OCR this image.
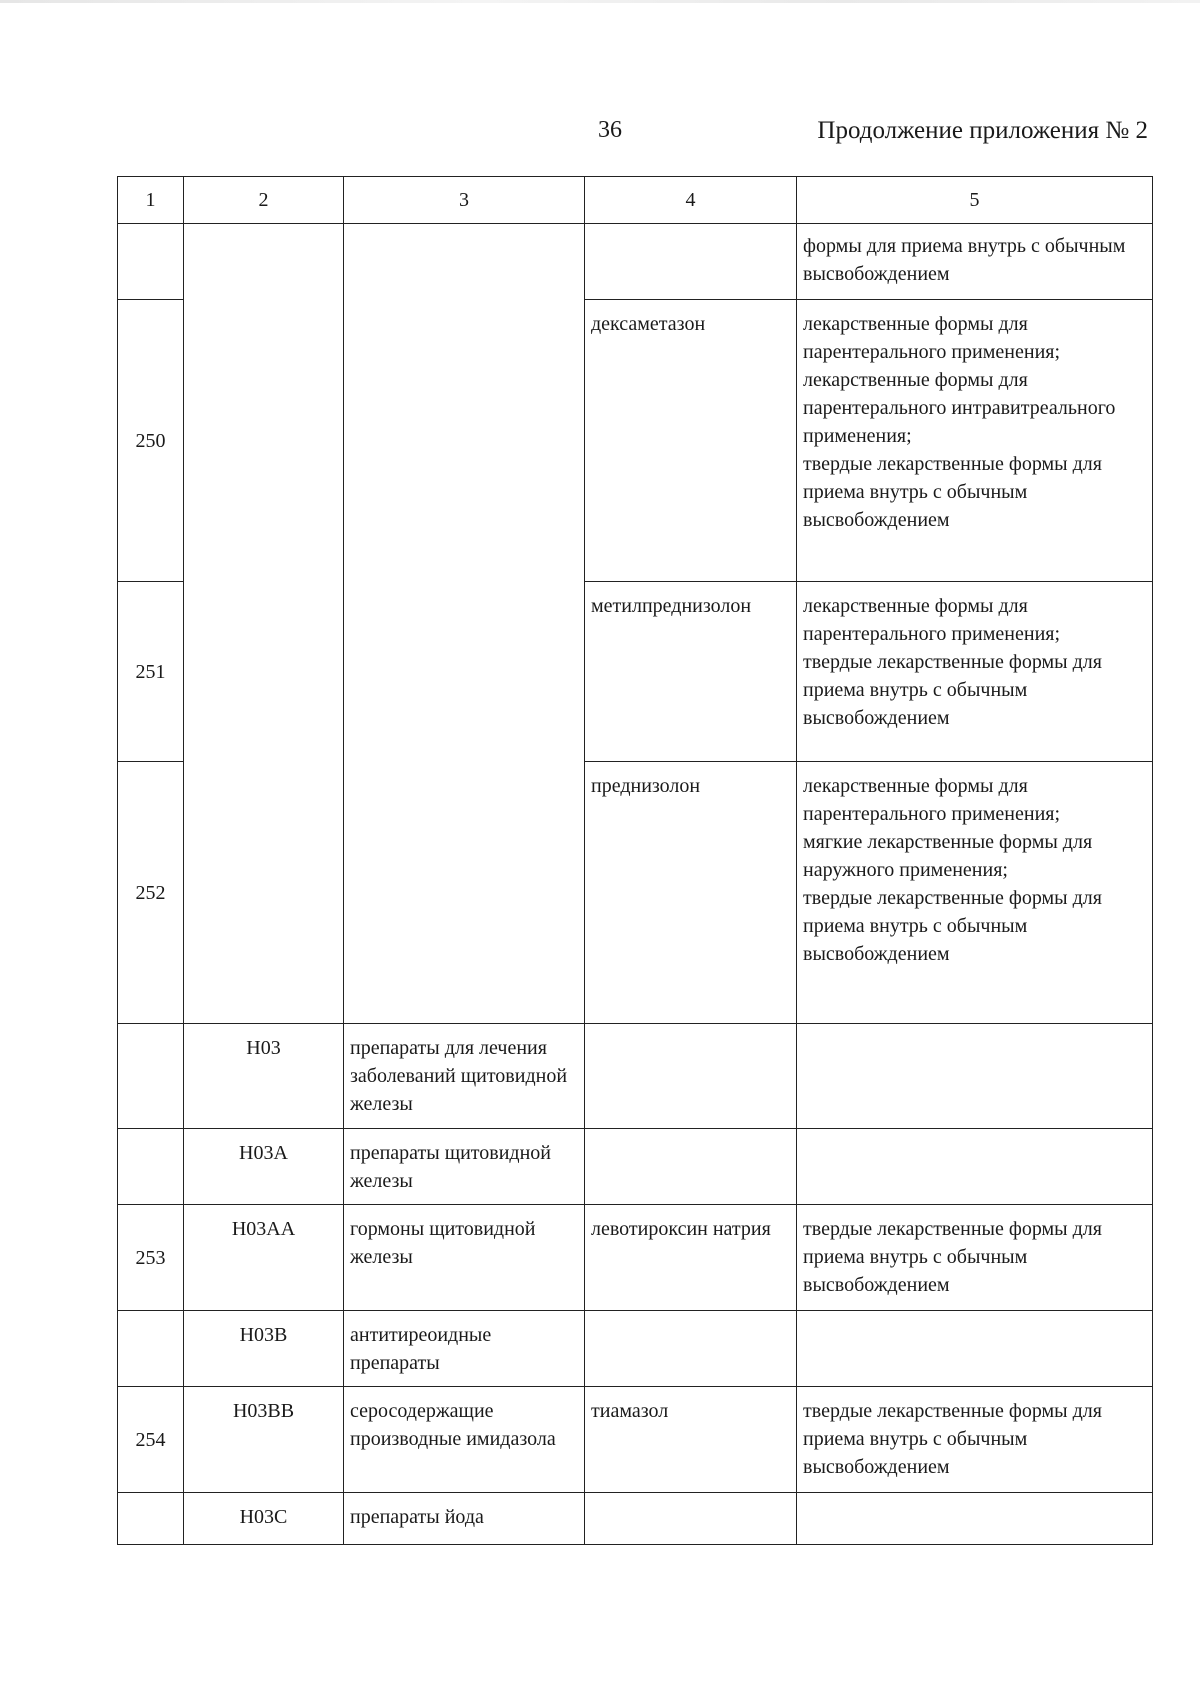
36	Продолжение приложения № 2
1	2	3	4	5
				формы для приема внутрь с обычным высвобождением
250			дексаметазон	лекарственные формы для парентерального применения;
лекарственные формы для парентерального интравитреального применения;
твердые лекарственные формы для приема внутрь с обычным высвобождением
251			метилпреднизолон	лекарственные формы для парентерального применения;
твердые лекарственные формы для приема внутрь с обычным высвобождением
252			преднизолон	лекарственные формы для парентерального применения;
мягкие лекарственные формы для наружного применения;
твердые лекарственные формы для приема внутрь с обычным высвобождением
	H03	препараты для лечения заболеваний щитовидной железы		
	H03A	препараты щитовидной железы		
253	H03AA	гормоны щитовидной железы	левотироксин натрия	твердые лекарственные формы для приема внутрь с обычным высвобождением
	H03B	антитиреоидные препараты		
254	H03BB	серосодержащие производные имидазола	тиамазол	твердые лекарственные формы для приема внутрь с обычным высвобождением
	H03C	препараты йода		
